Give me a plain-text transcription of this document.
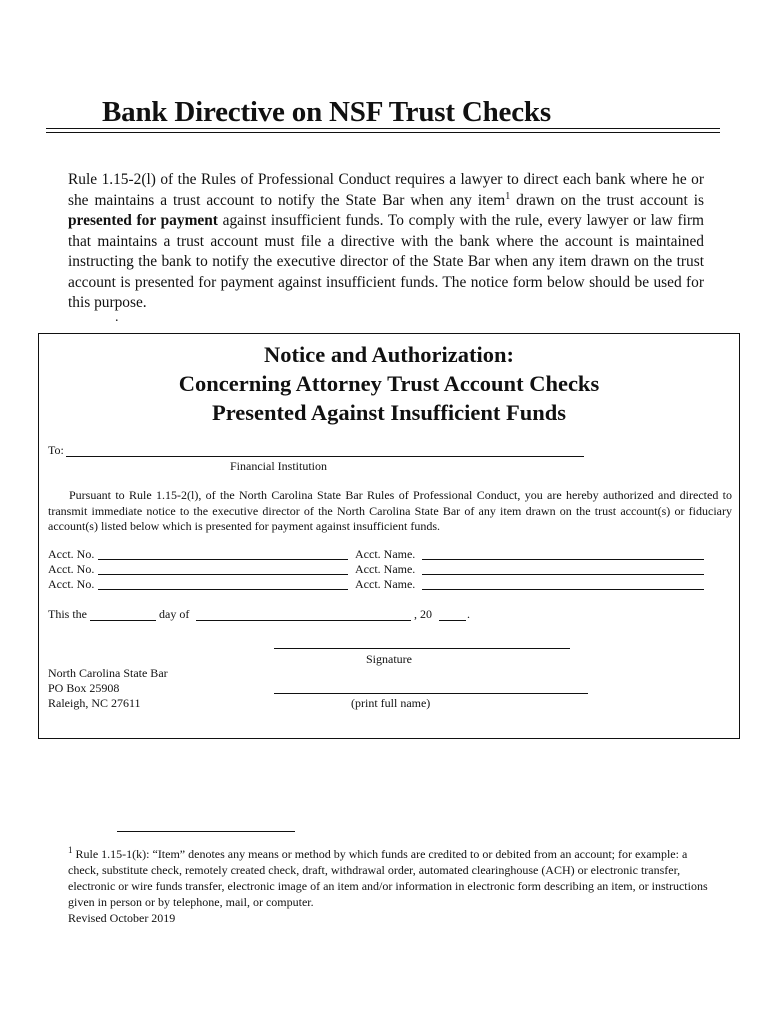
Bank Directive on NSF Trust Checks
Rule 1.15-2(l) of the Rules of Professional Conduct requires a lawyer to direct each bank where he or she maintains a trust account to notify the State Bar when any item$^1$ drawn on the trust account is presented for payment against insufficient funds. To comply with the rule, every lawyer or law firm that maintains a trust account must file a directive with the bank where the account is maintained instructing the bank to notify the executive director of the State Bar when any item drawn on the trust account is presented for payment against insufficient funds. The notice form below should be used for this purpose.
.
Notice and Authorization:
Concerning Attorney Trust Account Checks
Presented Against Insufficient Funds
To:
Financial Institution
Pursuant to Rule 1.15-2(l), of the North Carolina State Bar Rules of Professional Conduct, you are hereby authorized and directed to transmit immediate notice to the executive director of the North Carolina State Bar of any item drawn on the trust account(s) or fiduciary account(s) listed below which is presented for payment against insufficient funds.
Acct. No.	Acct. Name.
Acct. No.	Acct. Name.
Acct. No.	Acct. Name.
This the	day of	, 20	.
Signature
North Carolina State Bar
PO Box 25908
Raleigh, NC 27611	(print full name)
$^1$ Rule 1.15-1(k): “Item” denotes any means or method by which funds are credited to or debited from an account; for example: a check, substitute check, remotely created check, draft, withdrawal order, automated clearinghouse (ACH) or electronic transfer, electronic or wire funds transfer, electronic image of an item and/or information in electronic form describing an item, or instructions given in person or by telephone, mail, or computer.
Revised October 2019
